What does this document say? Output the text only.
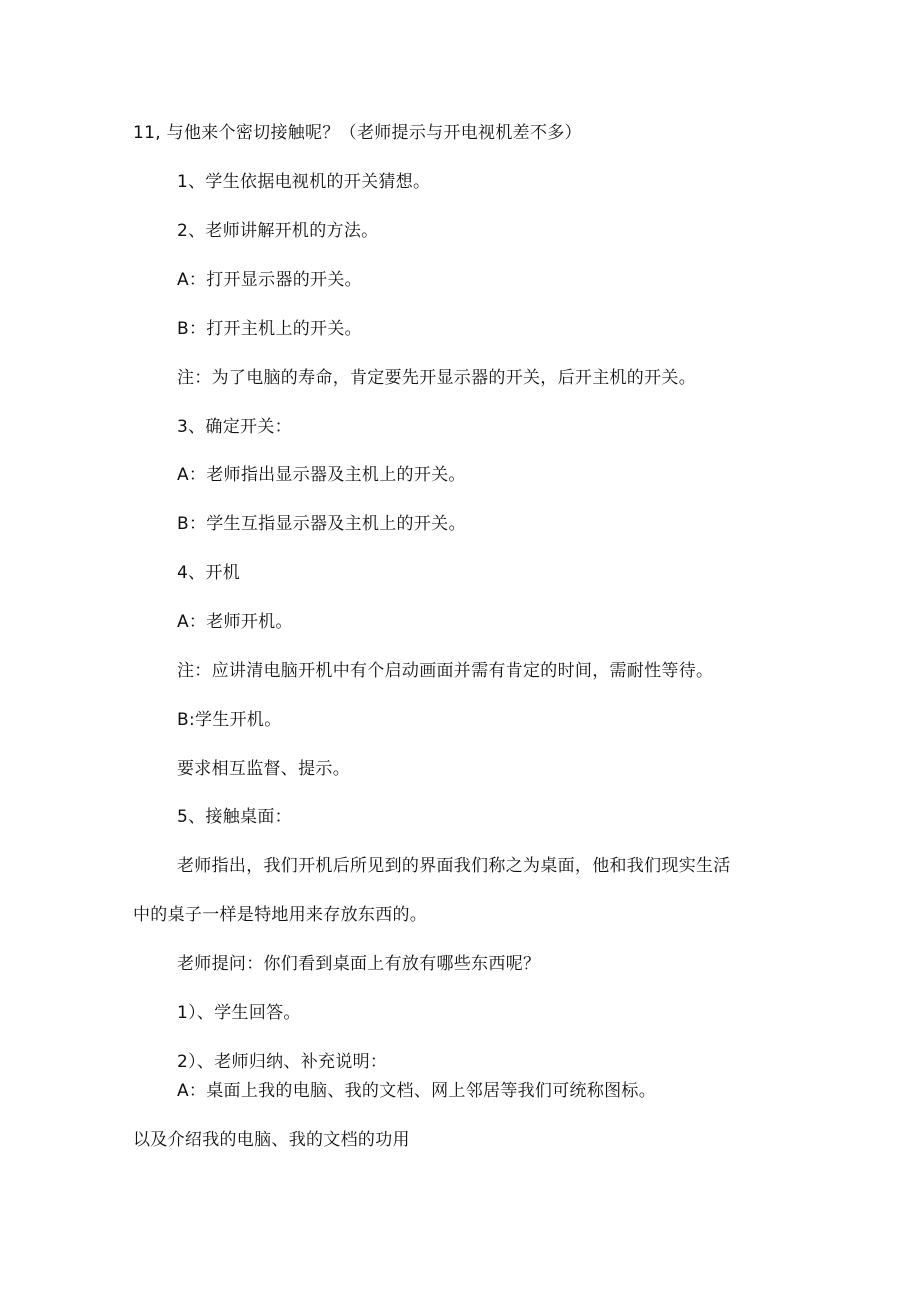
11, 与他来个密切接触呢？（老师提示与开电视机差不多）
1、学生依据电视机的开关猜想。
2、老师讲解开机的方法。
A：打开显示器的开关。
B：打开主机上的开关。
注：为了电脑的寿命，肯定要先开显示器的开关，后开主机的开关。
3、确定开关：
A：老师指出显示器及主机上的开关。
B：学生互指显示器及主机上的开关。
4、开机
A：老师开机。
注：应讲清电脑开机中有个启动画面并需有肯定的时间，需耐性等待。
B:学生开机。
要求相互监督、提示。
5、接触桌面：
老师指出，我们开机后所见到的界面我们称之为桌面，他和我们现实生活
中的桌子一样是特地用来存放东西的。
老师提问：你们看到桌面上有放有哪些东西呢？
1）、学生回答。
2）、老师归纳、补充说明：
A：桌面上我的电脑、我的文档、网上邻居等我们可统称图标。
以及介绍我的电脑、我的文档的功用
